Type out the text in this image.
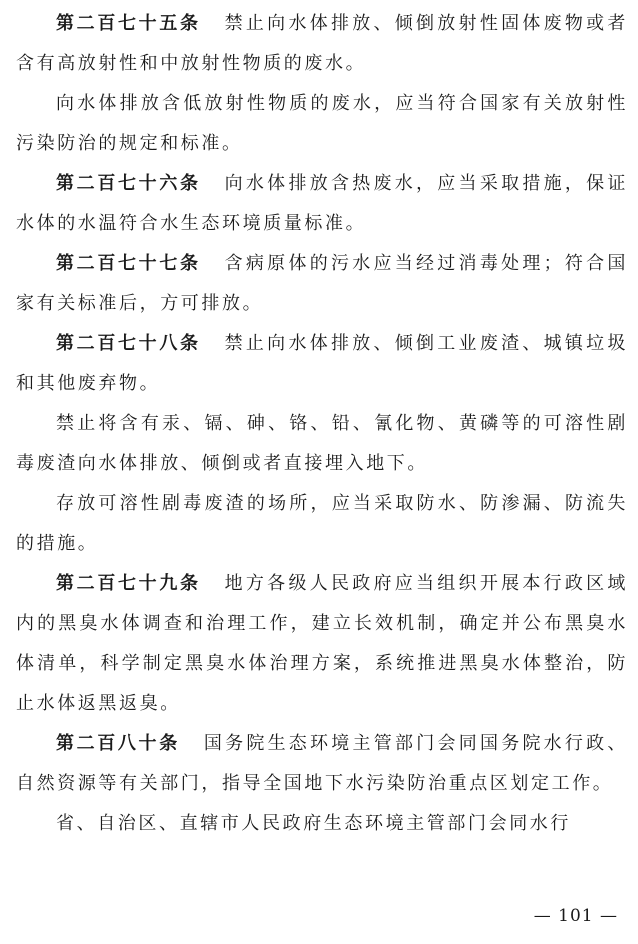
第二百七十五条 禁止向水体排放、倾倒放射性固体废物或者含有高放射性和中放射性物质的废水。

向水体排放含低放射性物质的废水，应当符合国家有关放射性污染防治的规定和标准。

第二百七十六条 向水体排放含热废水，应当采取措施，保证水体的水温符合水生态环境质量标准。

第二百七十七条 含病原体的污水应当经过消毒处理；符合国家有关标准后，方可排放。

第二百七十八条 禁止向水体排放、倾倒工业废渣、城镇垃圾和其他废弃物。

禁止将含有汞、镉、砷、铬、铅、氰化物、黄磷等的可溶性剧毒废渣向水体排放、倾倒或者直接埋入地下。

存放可溶性剧毒废渣的场所，应当采取防水、防渗漏、防流失的措施。

第二百七十九条 地方各级人民政府应当组织开展本行政区域内的黑臭水体调查和治理工作，建立长效机制，确定并公布黑臭水体清单，科学制定黑臭水体治理方案，系统推进黑臭水体整治，防止水体返黑返臭。

第二百八十条 国务院生态环境主管部门会同国务院水行政、自然资源等有关部门，指导全国地下水污染防治重点区划定工作。

省、自治区、直辖市人民政府生态环境主管部门会同水行

— 101 —
